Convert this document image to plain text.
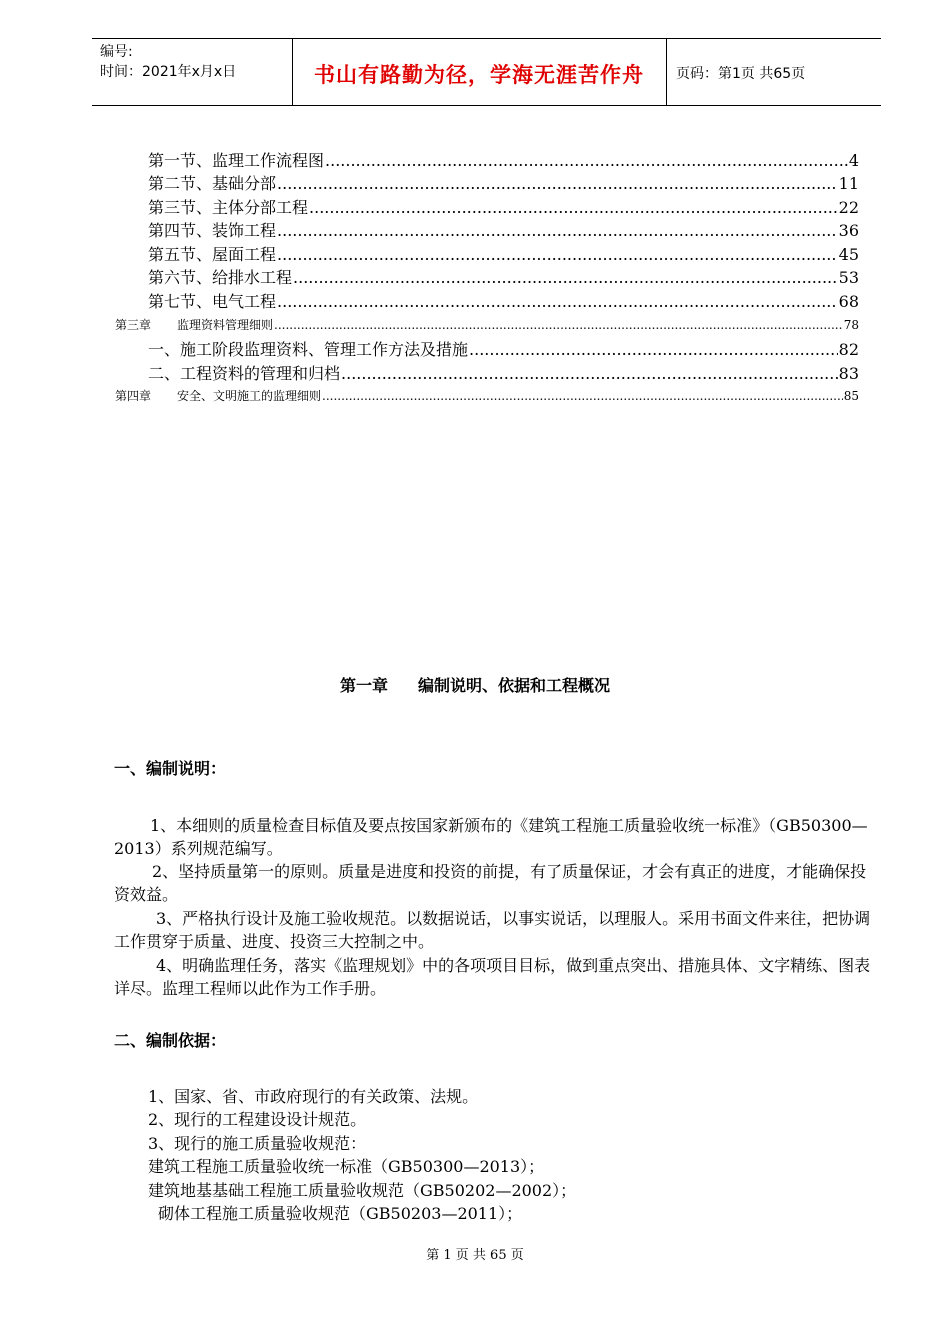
编号:
时间：2021年x月x日	书山有路勤为径，学海无涯苦作舟	页码：第1页 共65页
第一节、监理工作流程图 .....	4
第二节、基础分部 .....	11
第三节、主体分部工程 .....	22
第四节、装饰工程 .....	36
第五节、屋面工程 .....	45
第六节、给排水工程 .....	53
第七节、电气工程 .....	68
第三章 监理资料管理细则 .....	78
一、施工阶段监理资料、管理工作方法及措施 .....	82
二、工程资料的管理和归档 .....	83
第四章 安全、文明施工的监理细则 .....	85
第一章 编制说明、依据和工程概况
一、编制说明：
1、本细则的质量检查目标值及要点按国家新颁布的《建筑工程施工质量验收统一标准》（GB50300—2013）系列规范编写。
2、坚持质量第一的原则。质量是进度和投资的前提，有了质量保证，才会有真正的进度，才能确保投资效益。
3、严格执行设计及施工验收规范。以数据说话，以事实说话，以理服人。采用书面文件来往，把协调工作贯穿于质量、进度、投资三大控制之中。
4、明确监理任务，落实《监理规划》中的各项项目目标，做到重点突出、措施具体、文字精练、图表详尽。监理工程师以此作为工作手册。
二、编制依据：
1、国家、省、市政府现行的有关政策、法规。
2、现行的工程建设设计规范。
3、现行的施工质量验收规范：
建筑工程施工质量验收统一标准（GB50300—2013）；
建筑地基基础工程施工质量验收规范（GB50202—2002）；
砌体工程施工质量验收规范（GB50203—2011）；
第 1 页 共 65 页
